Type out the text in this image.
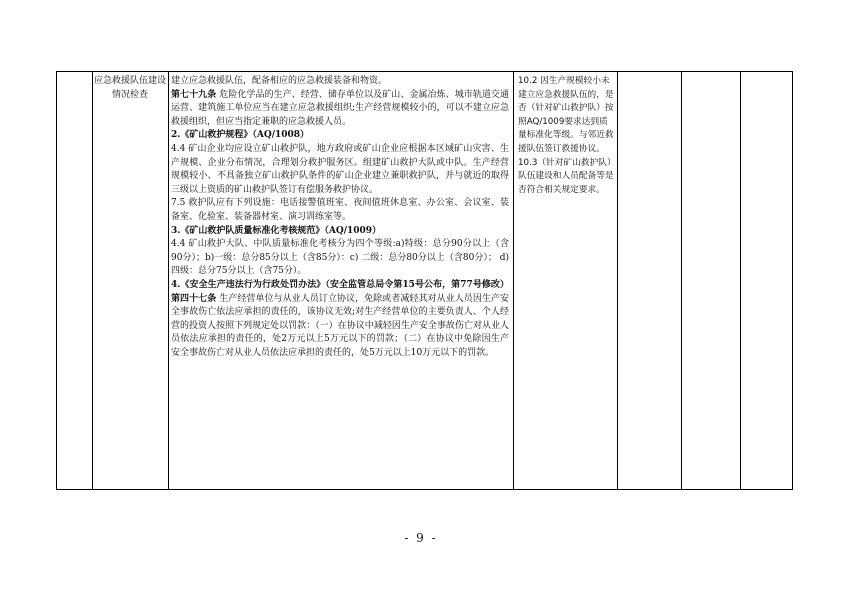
应急救援队伍建设情况检查

建立应急救援队伍，配备相应的应急救援装备和物资。

第七十九条 危险化学品的生产、经营、储存单位以及矿山、金属冶炼、城市轨道交通运营、建筑施工单位应当在建立应急救援组织;生产经营规模较小的，可以不建立应急救援组织，但应当指定兼职的应急救援人员。

2.《矿山救护规程》（AQ/1008）

4.4 矿山企业均应设立矿山救护队，地方政府或矿山企业应根据本区域矿山灾害、生产规模、企业分布情况，合理划分救护服务区。组建矿山救护大队或中队。生产经营规模较小、不具备独立矿山救护队条件的矿山企业建立兼职救护队，并与就近的取得三级以上资质的矿山救护队签订有偿服务救护协议。

7.5 救护队应有下列设施：电话接警值班室、夜间值班休息室、办公室、会议室、装备室、化验室、装备器材室、演习训练室等。

3.《矿山救护队质量标准化考核规范》（AQ/1009）

4.4 矿山救护大队、中队质量标准化考核分为四个等级:a)特级：总分90分以上（含90分）；b)一级：总分85分以上（含85分）：c) 二级：总分80分以上（含80分）； d) 四级：总分75分以上（含75分）。

4.《安全生产违法行为行政处罚办法》（安全监管总局令第15号公布，第77号修改）第四十七条 生产经营单位与从业人员订立协议，免除或者减轻其对从业人员因生产安全事故伤亡依法应承担的责任的，该协议无效;对生产经营单位的主要负责人、个人经营的投资人按照下列规定处以罚款：（一）在协议中减轻因生产安全事故伤亡对从业人员依法应承担的责任的，处2万元以上5万元以下的罚款；（二）在协议中免除因生产安全事故伤亡对从业人员依法应承担的责任的，处5万元以上10万元以下的罚款。

10.2 因生产规模较小未建立应急救援队伍的，是否（针对矿山救护队）按照AQ/1009要求达到质量标准化等级。与邻近救援队伍签订救援协议。

10.3（针对矿山救护队）队伍建设和人员配备等是否符合相关规定要求。

- 9 -
